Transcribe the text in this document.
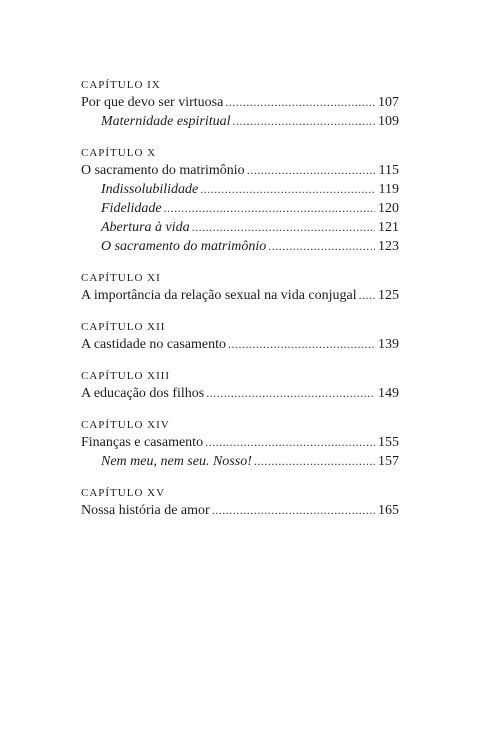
CAPÍTULO IX
Por que devo ser virtuosa .....	107
Maternidade espiritual .....	109
CAPÍTULO X
O sacramento do matrimônio .....	115
Indissolubilidade .....	119
Fidelidade .....	120
Abertura à vida .....	121
O sacramento do matrimônio .....	123
CAPÍTULO XI
A importância da relação sexual na vida conjugal ..... 125
CAPÍTULO XII
A castidade no casamento .....	139
CAPÍTULO XIII
A educação dos filhos .....	149
CAPÍTULO XIV
Finanças e casamento .....	155
Nem meu, nem seu. Nosso! .....	157
CAPÍTULO XV
Nossa história de amor .....	165
